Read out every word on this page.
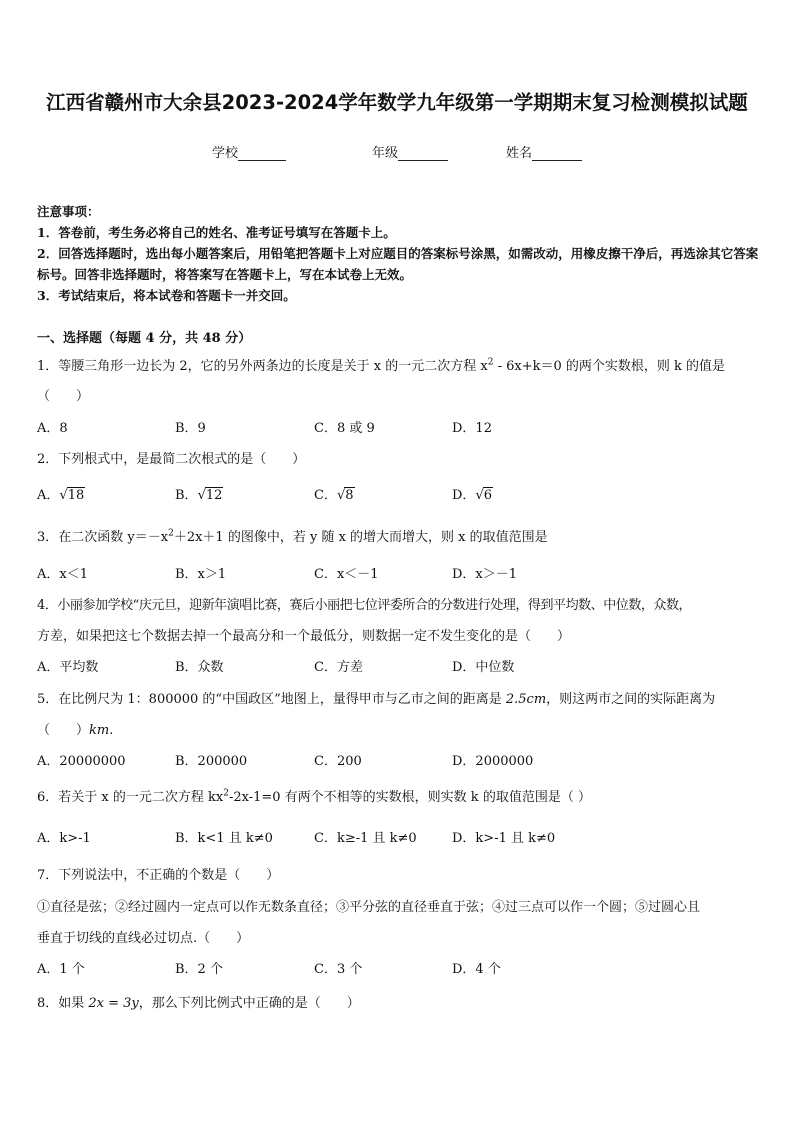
江西省赣州市大余县2023-2024学年数学九年级第一学期期末复习检测模拟试题
学校	年级	姓名
注意事项：
1．答卷前，考生务必将自己的姓名、准考证号填写在答题卡上。
2．回答选择题时，选出每小题答案后，用铅笔把答题卡上对应题目的答案标号涂黑，如需改动，用橡皮擦干净后，再选涂其它答案标号。回答非选择题时，将答案写在答题卡上，写在本试卷上无效。
3．考试结束后，将本试卷和答题卡一并交回。
一、选择题（每题 4 分，共 48 分）
1．等腰三角形一边长为 2，它的另外两条边的长度是关于 x 的一元二次方程 $x^2 - 6x+k=0$ 的两个实数根，则 k 的值是
（　　）
A．8	B．9	C．8 或 9	D．12
2．下列根式中，是最简二次根式的是（　　）
A．√18	B．√12	C．√8	D．√6
3．在二次函数 $y=-x^2+2x+1$ 的图像中，若 y 随 x 的增大而增大，则 x 的取值范围是
A．x＜1	B．x＞1	C．x＜－1	D．x＞－1
4．小丽参加学校“庆元旦，迎新年演唱比赛，赛后小丽把七位评委所合的分数进行处理，得到平均数、中位数，众数，
方差，如果把这七个数据去掉一个最高分和一个最低分，则数据一定不发生变化的是（　　）
A．平均数	B．众数	C．方差	D．中位数
5．在比例尺为 1：800000 的“中国政区”地图上，量得甲市与乙市之间的距离是 2.5cm，则这两市之间的实际距离为
（　　）km.
A．20000000	B．200000	C．200	D．2000000
6．若关于 x 的一元二次方程 $kx^2-2x-1=0$ 有两个不相等的实数根，则实数 k 的取值范围是（ ）
A．k>-1	B．k<1 且 k≠0	C．k≥-1 且 k≠0	D．k>-1 且 k≠0
7．下列说法中，不正确的个数是（　　）
①直径是弦；②经过圆内一定点可以作无数条直径；③平分弦的直径垂直于弦；④过三点可以作一个圆；⑤过圆心且
垂直于切线的直线必过切点.（　　）
A．1 个	B．2 个	C．3 个	D．4 个
8．如果 2x = 3y，那么下列比例式中正确的是（　　）
